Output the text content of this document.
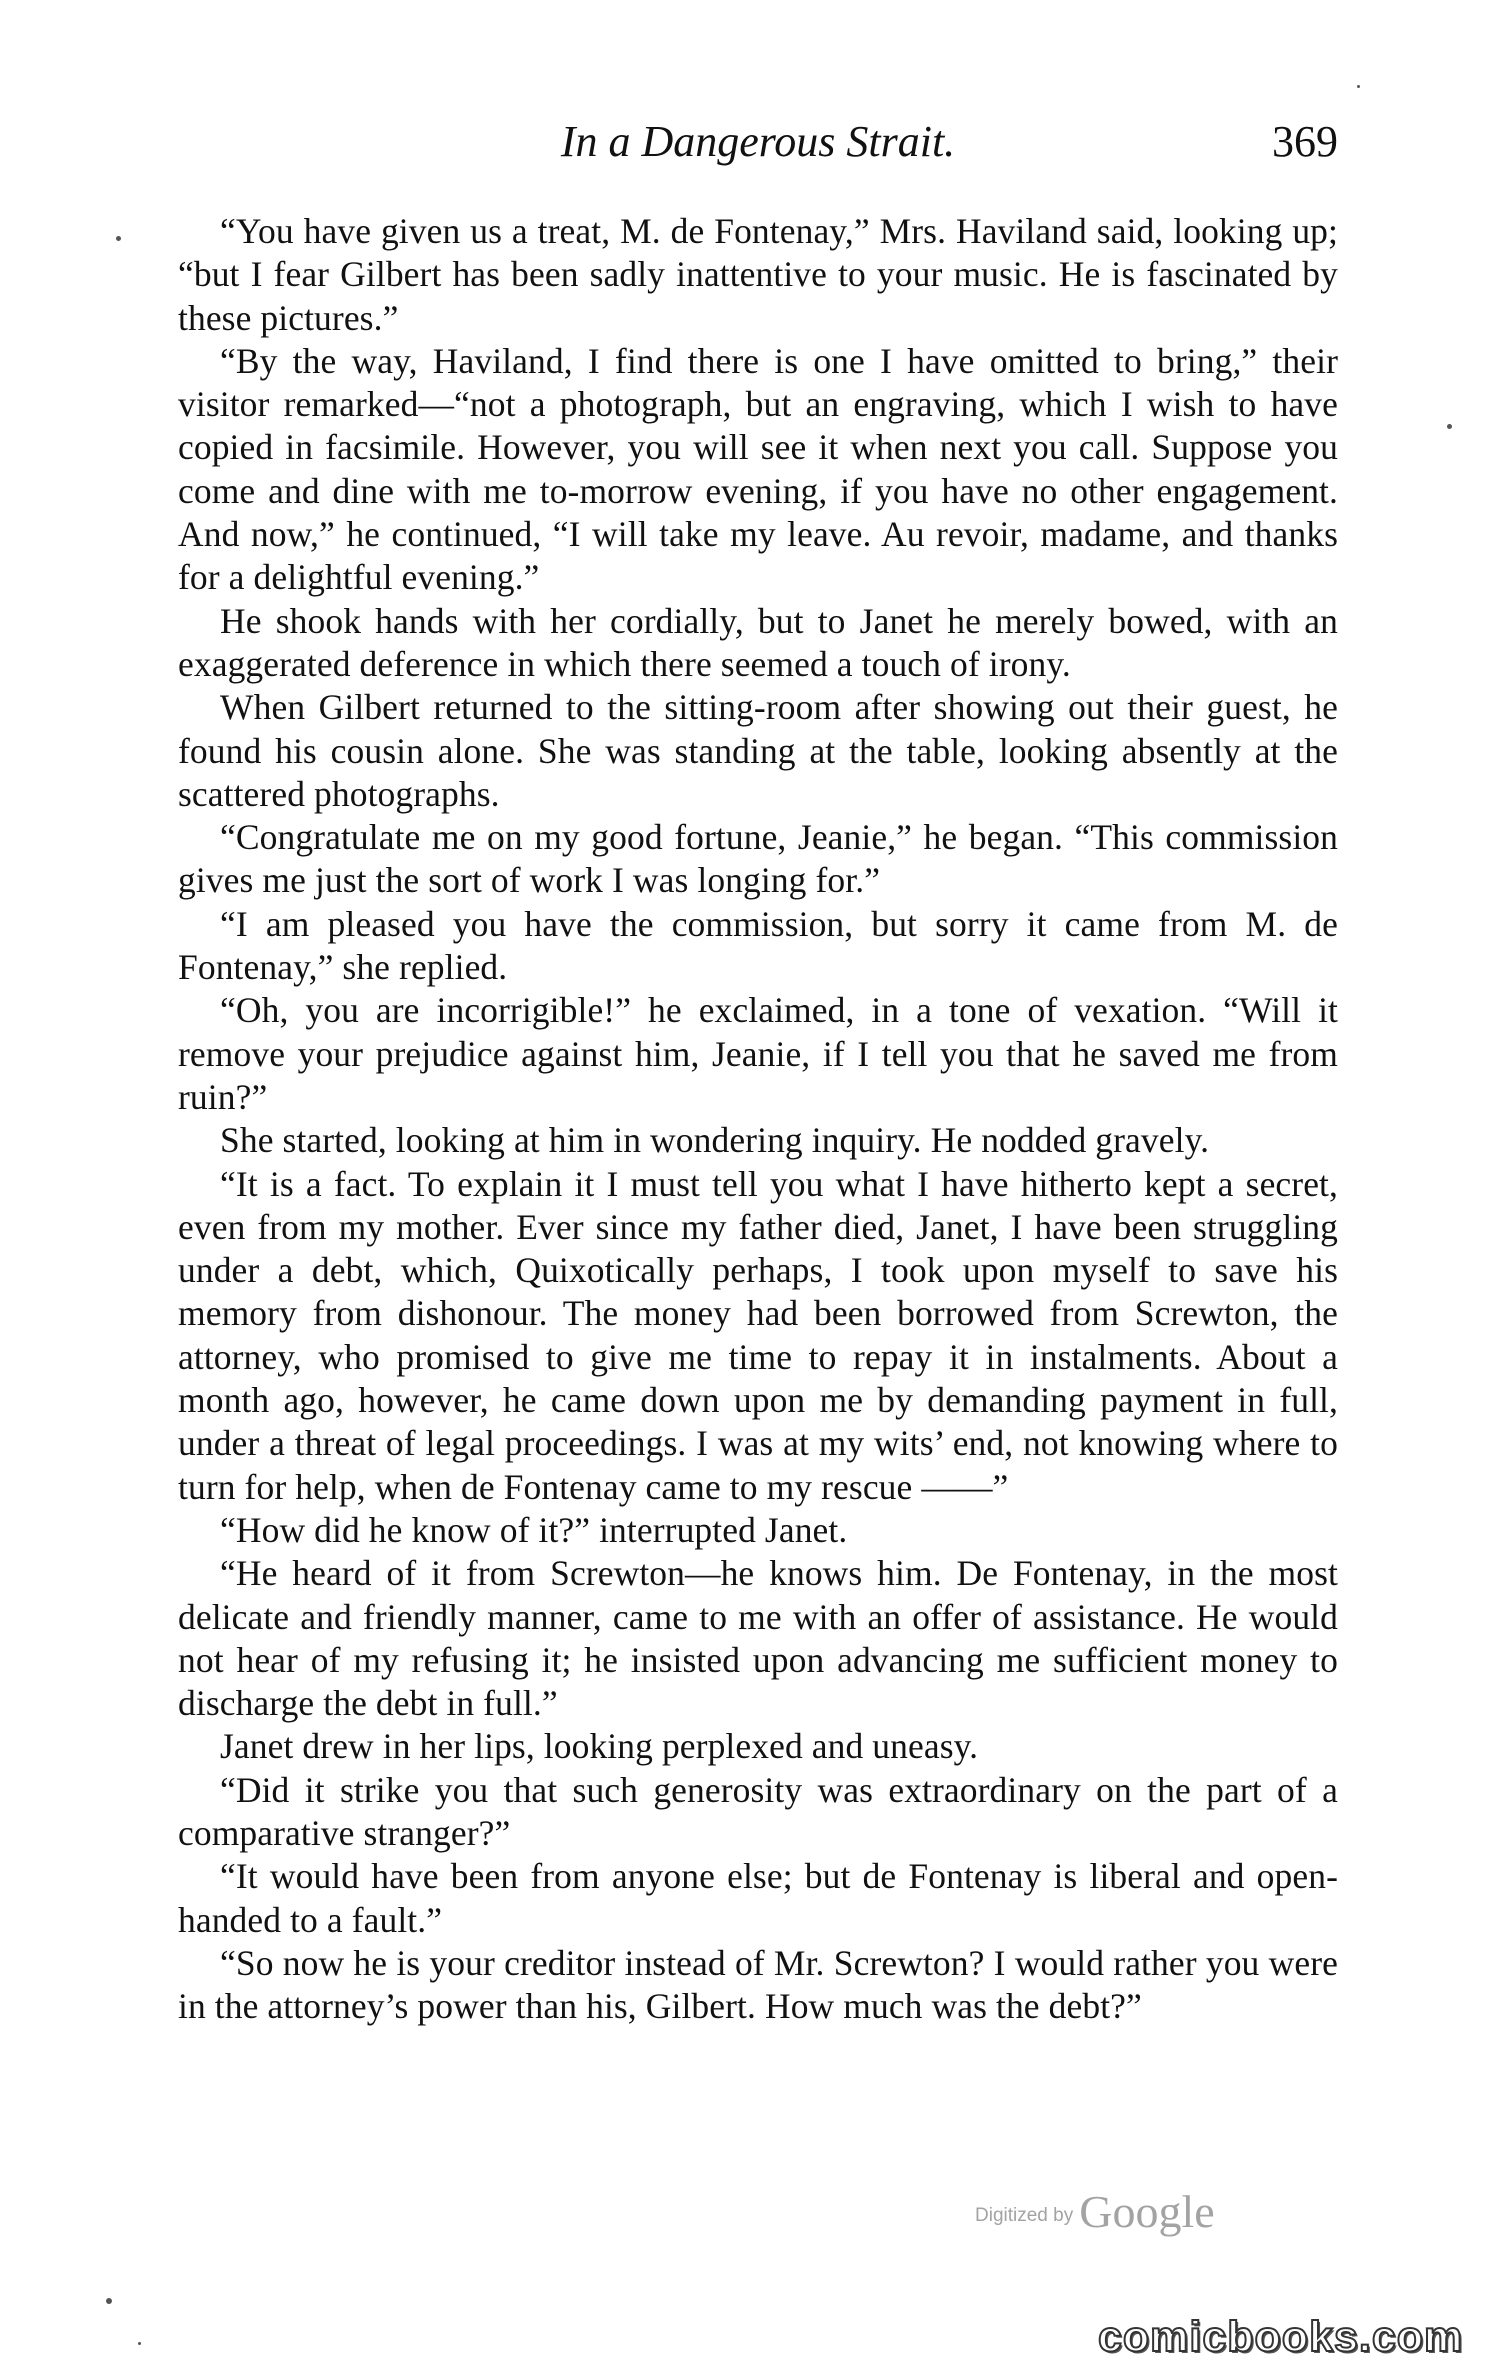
In a Dangerous Strait.	369

“You have given us a treat, M. de Fontenay,” Mrs. Haviland said, looking up; “but I fear Gilbert has been sadly inattentive to your music. He is fascinated by these pictures.”

“By the way, Haviland, I find there is one I have omitted to bring,” their visitor remarked—“not a photograph, but an engraving, which I wish to have copied in facsimile. However, you will see it when next you call. Suppose you come and dine with me to-morrow evening, if you have no other engagement. And now,” he continued, “I will take my leave. Au revoir, madame, and thanks for a delightful evening.”

He shook hands with her cordially, but to Janet he merely bowed, with an exaggerated deference in which there seemed a touch of irony.

When Gilbert returned to the sitting-room after showing out their guest, he found his cousin alone. She was standing at the table, looking absently at the scattered photographs.

“Congratulate me on my good fortune, Jeanie,” he began. “This commission gives me just the sort of work I was longing for.”

“I am pleased you have the commission, but sorry it came from M. de Fontenay,” she replied.

“Oh, you are incorrigible!” he exclaimed, in a tone of vexation. “Will it remove your prejudice against him, Jeanie, if I tell you that he saved me from ruin?”

She started, looking at him in wondering inquiry. He nodded gravely.

“It is a fact. To explain it I must tell you what I have hitherto kept a secret, even from my mother. Ever since my father died, Janet, I have been struggling under a debt, which, Quixotically perhaps, I took upon myself to save his memory from dishonour. The money had been borrowed from Screwton, the attorney, who promised to give me time to repay it in instalments. About a month ago, however, he came down upon me by demanding payment in full, under a threat of legal proceedings. I was at my wits’ end, not knowing where to turn for help, when de Fontenay came to my rescue ——”

“How did he know of it?” interrupted Janet.

“He heard of it from Screwton—he knows him. De Fontenay, in the most delicate and friendly manner, came to me with an offer of assistance. He would not hear of my refusing it; he insisted upon advancing me sufficient money to discharge the debt in full.”

Janet drew in her lips, looking perplexed and uneasy.

“Did it strike you that such generosity was extraordinary on the part of a comparative stranger?”

“It would have been from anyone else; but de Fontenay is liberal and open-handed to a fault.”

“So now he is your creditor instead of Mr. Screwton? I would rather you were in the attorney’s power than his, Gilbert. How much was the debt?”

Digitized by Google
comicbooks.com
